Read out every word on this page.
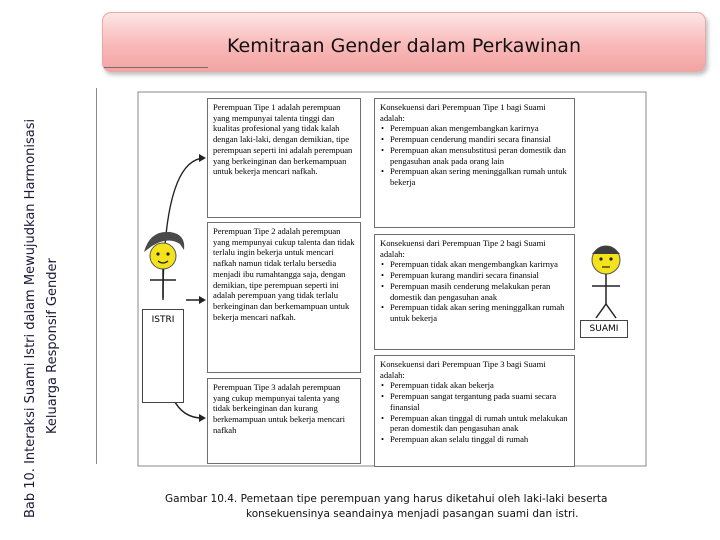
Bab 10. Interaksi Suami Istri dalam Mewujudkan Harmonisasi Keluarga Responsif Gender
Kemitraan Gender dalam Perkawinan
ISTRI
SUAMI

Perempuan Tipe 1 adalah perempuan yang mempunyai talenta tinggi dan kualitas profesional yang tidak kalah dengan laki-laki, dengan demikian, tipe perempuan seperti ini adalah perempuan yang berkeinginan dan berkemampuan untuk bekerja mencari nafkah.

Perempuan Tipe 2 adalah perempuan yang mempunyai cukup talenta dan tidak terlalu ingin bekerja untuk mencari nafkah namun tidak terlalu bersedia menjadi ibu rumahtangga saja, dengan demikian, tipe perempuan seperti ini adalah perempuan yang tidak terlalu berkeinginan dan berkemampuan untuk bekerja mencari nafkah.

Perempuan Tipe 3 adalah perempuan yang cukup mempunyai talenta yang tidak berkeinginan dan kurang berkemampuan untuk bekerja mencari nafkah

Konsekuensi dari Perempuan Tipe 1 bagi Suami adalah:

• Perempuan akan mengembangkan karirnya
• Perempuan cenderung mandiri secara finansial
• Perempuan akan mensubstitusi peran domestik dan pengasuhan anak pada orang lain
• Perempuan akan sering meninggalkan rumah untuk bekerja

Konsekuensi dari Perempuan Tipe 2 bagi Suami adalah:

• Perempuan tidak akan mengembangkan karirnya
• Perempuan kurang mandiri secara finansial
• Perempuan masih cenderung melakukan peran domestik dan pengasuhan anak
• Perempuan tidak akan sering meninggalkan rumah untuk bekerja

Konsekuensi dari Perempuan Tipe 3 bagi Suami adalah:

• Perempuan tidak akan bekerja
• Perempuan sangat tergantung pada suami secara finansial
• Perempuan akan tinggal di rumah untuk melakukan peran domestik dan pengasuhan anak
• Perempuan akan selalu tinggal di rumah
Gambar 10.4. Pemetaan tipe perempuan yang harus diketahui oleh laki-laki beserta
konsekuensinya seandainya menjadi pasangan suami dan istri.
